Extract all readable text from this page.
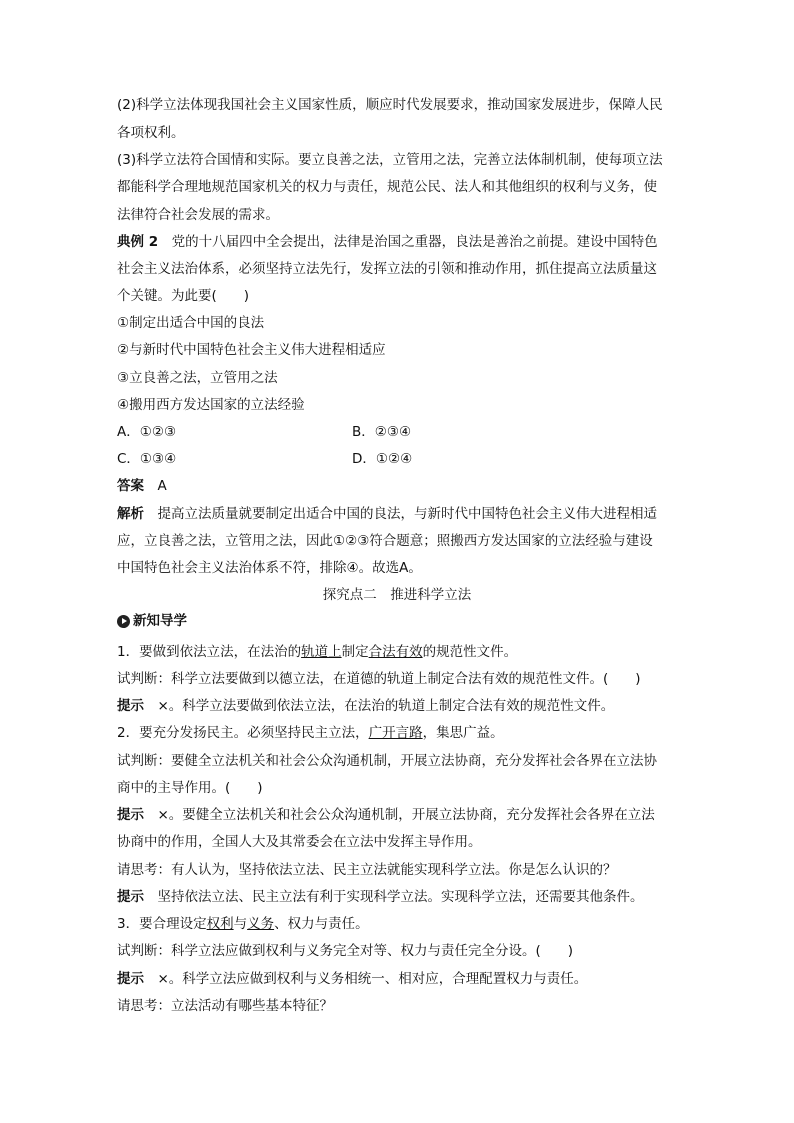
(2)科学立法体现我国社会主义国家性质，顺应时代发展要求，推动国家发展进步，保障人民
各项权利。
(3)科学立法符合国情和实际。要立良善之法，立管用之法，完善立法体制机制，使每项立法
都能科学合理地规范国家机关的权力与责任，规范公民、法人和其他组织的权利与义务，使
法律符合社会发展的需求。
典例 2　 党的十八届四中全会提出，法律是治国之重器，良法是善治之前提。建设中国特色
社会主义法治体系，必须坚持立法先行，发挥立法的引领和推动作用，抓住提高立法质量这
个关键。为此要(　　)
①制定出适合中国的良法
②与新时代中国特色社会主义伟大进程相适应
③立良善之法，立管用之法
④搬用西方发达国家的立法经验
A．①②③	B．②③④
C．①③④	D．①②④
答案　 A
解析　 提高立法质量就要制定出适合中国的良法，与新时代中国特色社会主义伟大进程相适
应，立良善之法，立管用之法，因此①②③符合题意；照搬西方发达国家的立法经验与建设
中国特色社会主义法治体系不符，排除④。故选A。
探究点二　推进科学立法
新知导学
1．要做到依法立法，在法治的轨道上制定合法有效的规范性文件。
试判断：科学立法要做到以德立法，在道德的轨道上制定合法有效的规范性文件。(　　)
提示　 ×。科学立法要做到依法立法，在法治的轨道上制定合法有效的规范性文件。
2．要充分发扬民主。必须坚持民主立法，广开言路，集思广益。
试判断：要健全立法机关和社会公众沟通机制，开展立法协商，充分发挥社会各界在立法协
商中的主导作用。(　　)
提示　 ×。要健全立法机关和社会公众沟通机制，开展立法协商，充分发挥社会各界在立法
协商中的作用，全国人大及其常委会在立法中发挥主导作用。
请思考：有人认为，坚持依法立法、民主立法就能实现科学立法。你是怎么认识的？
提示　 坚持依法立法、民主立法有利于实现科学立法。实现科学立法，还需要其他条件。
3．要合理设定权利与义务、权力与责任。
试判断：科学立法应做到权利与义务完全对等、权力与责任完全分设。(　　)
提示　 ×。科学立法应做到权利与义务相统一、相对应，合理配置权力与责任。
请思考：立法活动有哪些基本特征？
